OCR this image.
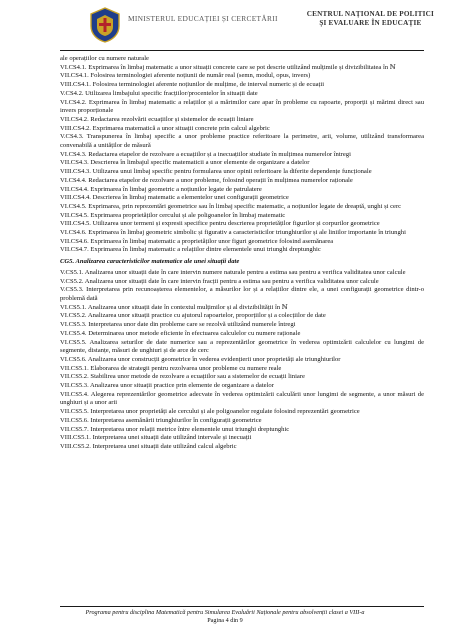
MINISTERUL EDUCAȚIEI ȘI CERCETĂRII	CENTRUL NAȚIONAL DE POLITICI
ȘI EVALUARE ÎN EDUCAȚIE

ale operațiilor cu numere naturale

VI.CS4.1. Exprimarea în limbaj matematic a unor situații concrete care se pot descrie utilizând mulțimile și divizibilitatea în ℕ

VII.CS4.1. Folosirea terminologiei aferente noțiunii de număr real (semn, modul, opus, invers)

VIII.CS4.1. Folosirea terminologiei aferente noțiunilor de mulțime, de interval numeric și de ecuații

V.CS4.2. Utilizarea limbajului specific fracțiilor/procentelor în situații date

VI.CS4.2. Exprimarea în limbaj matematic a relațiilor și a mărimilor care apar în probleme cu rapoarte, proporții și mărimi direct sau invers proporționale

VII.CS4.2. Redactarea rezolvării ecuațiilor și sistemelor de ecuații liniare

VIII.CS4.2. Exprimarea matematică a unor situații concrete prin calcul algebric

V.CS4.3. Transpunerea în limbaj specific a unor probleme practice referitoare la perimetre, arii, volume, utilizând transformarea convenabilă a unităților de măsură

VI.CS4.3. Redactarea etapelor de rezolvare a ecuațiilor și a inecuațiilor studiate în mulțimea numerelor întregi

VII.CS4.3. Descrierea în limbajul specific matematicii a unor elemente de organizare a datelor

VIII.CS4.3. Utilizarea unui limbaj specific pentru formularea unor opinii referitoare la diferite dependențe funcționale

VI.CS4.4. Redactarea etapelor de rezolvare a unor probleme, folosind operații în mulțimea numerelor raționale

VII.CS4.4. Exprimarea în limbaj geometric a noțiunilor legate de patrulatere

VIII.CS4.4. Descrierea în limbaj matematic a elementelor unei configurații geometrice

VI.CS4.5. Exprimarea, prin reprezentări geometrice sau în limbaj specific matematic, a noțiunilor legate de dreaptă, unghi și cerc

VII.CS4.5. Exprimarea proprietăților cercului și ale poligoanelor în limbaj matematic

VIII.CS4.5. Utilizarea unor termeni și expresii specifice pentru descrierea proprietăților figurilor și corpurilor geometrice

VI.CS4.6. Exprimarea în limbaj geometric simbolic și figurativ a caracteristicilor triunghiurilor și ale liniilor importante în triunghi

VII.CS4.6. Exprimarea în limbaj matematic a proprietăților unor figuri geometrice folosind asemănarea

VII.CS4.7. Exprimarea în limbaj matematic a relațiilor dintre elementele unui triunghi dreptunghic

CG5. Analizarea caracteristicilor matematice ale unei situații date

V.CS5.1. Analizarea unor situații date în care intervin numere naturale pentru a estima sau pentru a verifica validitatea unor calcule

V.CS5.2. Analizarea unor situații date în care intervin fracții pentru a estima sau pentru a verifica validitatea unor calcule

V.CS5.3. Interpretarea prin recunoașterea elementelor, a măsurilor lor și a relațiilor dintre ele, a unei configurații geometrice dintr-o problemă dată

VI.CS5.1. Analizarea unor situații date în contextul mulțimilor și al divizibilității în ℕ

VI.CS5.2. Analizarea unor situații practice cu ajutorul rapoartelor, proporțiilor și a colecțiilor de date

VI.CS5.3. Interpretarea unor date din probleme care se rezolvă utilizând numerele întregi

VI.CS5.4. Determinarea unor metode eficiente în efectuarea calculelor cu numere raționale

VI.CS5.5. Analizarea seturilor de date numerice sau a reprezentărilor geometrice în vederea optimizării calculelor cu lungimi de segmente, distanțe, măsuri de unghiuri și de arce de cerc

VI.CS5.6. Analizarea unor construcții geometrice în vederea evidențierii unor proprietăți ale triunghiurilor

VII.CS5.1. Elaborarea de strategii pentru rezolvarea unor probleme cu numere reale

VII.CS5.2. Stabilirea unor metode de rezolvare a ecuațiilor sau a sistemelor de ecuații liniare

VII.CS5.3. Analizarea unor situații practice prin elemente de organizare a datelor

VII.CS5.4. Alegerea reprezentărilor geometrice adecvate în vederea optimizării calculării unor lungimi de segmente, a unor măsuri de unghiuri și a unor arii

VII.CS5.5. Interpretarea unor proprietăți ale cercului și ale poligoanelor regulate folosind reprezentări geometrice

VII.CS5.6. Interpretarea asemănării triunghiurilor în configurații geometrice

VII.CS5.7. Interpretarea unor relații metrice între elementele unui triunghi dreptunghic

VIII.CS5.1. Interpretarea unei situații date utilizând intervale și inecuații

VIII.CS5.2. Interpretarea unei situații date utilizând calcul algebric

Programa pentru disciplina Matematică pentru Simularea Evaluării Naționale pentru absolvenții clasei a VIII-a
Pagina 4 din 9
